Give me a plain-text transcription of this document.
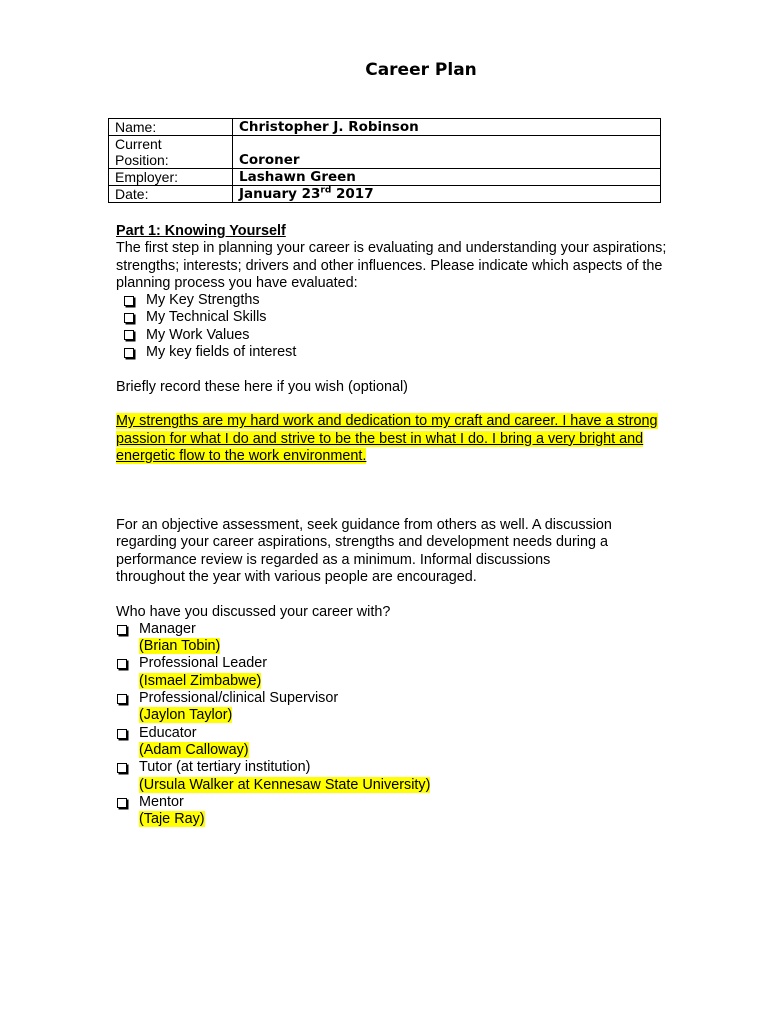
Career Plan
Name:	Christopher J. Robinson
Current
Position:	Coroner
Employer:	Lashawn Green
Date:	January 23rd 2017

Part 1: Knowing Yourself

The first step in planning your career is evaluating and understanding your aspirations; strengths; interests; drivers and other influences. Please indicate which aspects of the planning process you have evaluated:

My Key Strengths
My Technical Skills
My Work Values
My key fields of interest

Briefly record these here if you wish (optional)

My strengths are my hard work and dedication to my craft and career. I have a strong passion for what I do and strive to be the best in what I do. I bring a very bright and energetic flow to the work environment.

For an objective assessment, seek guidance from others as well. A discussion regarding your career aspirations, strengths and development needs during a performance review is regarded as a minimum. Informal discussions throughout the year with various people are encouraged.

Who have you discussed your career with?

Manager
(Brian Tobin)
Professional Leader
(Ismael Zimbabwe)
Professional/clinical Supervisor
(Jaylon Taylor)
Educator
(Adam Calloway)
Tutor (at tertiary institution)
(Ursula Walker at Kennesaw State University)
Mentor
(Taje Ray)
